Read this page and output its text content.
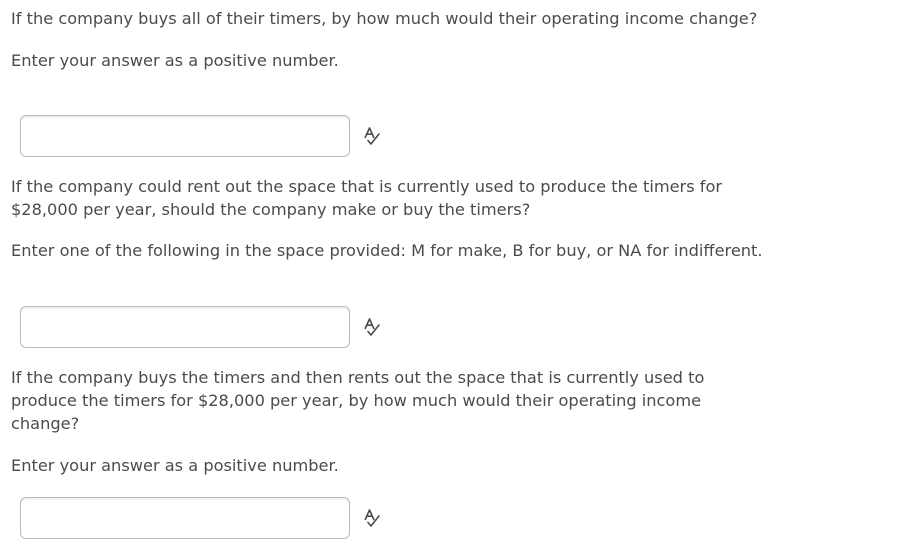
If the company buys all of their timers, by how much would their operating income change?

Enter your answer as a positive number.

If the company could rent out the space that is currently used to produce the timers for $28,000 per year, should the company make or buy the timers?

Enter one of the following in the space provided: M for make, B for buy, or NA for indifferent.

If the company buys the timers and then rents out the space that is currently used to produce the timers for $28,000 per year, by how much would their operating income change?

Enter your answer as a positive number.
